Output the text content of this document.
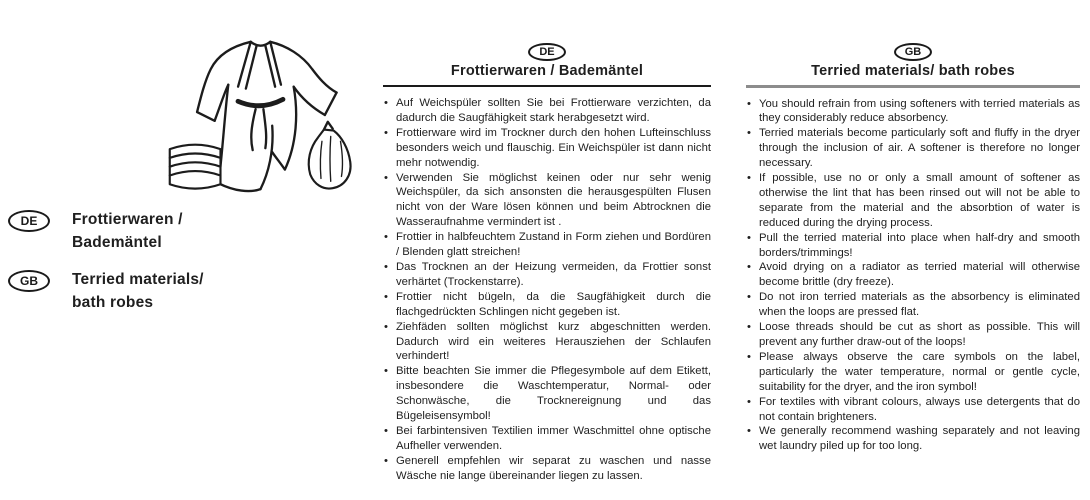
DE	Frottierwaren /
Bademäntel
GB	Terried materials/
bath robes
DE
Frottierwaren / Bademäntel
• Auf Weichspüler sollten Sie bei Frottierware verzichten, da dadurch die Saugfähigkeit stark herabgesetzt wird.
• Frottierware wird im Trockner durch den hohen Lufteinschluss besonders weich und flauschig. Ein Weichspüler ist dann nicht mehr notwendig.
• Verwenden Sie möglichst keinen oder nur sehr wenig Weichspüler, da sich ansonsten die herausgespülten Flusen nicht von der Ware lösen können und beim Abtrocknen die Wasseraufnahme vermindert ist .
• Frottier in halbfeuchtem Zustand in Form ziehen und Bordüren / Blenden glatt streichen!
• Das Trocknen an der Heizung vermeiden, da Frottier sonst verhärtet (Trockenstarre).
• Frottier nicht bügeln, da die Saugfähigkeit durch die flachgedrückten Schlingen nicht gegeben ist.
• Ziehfäden sollten möglichst kurz abgeschnitten werden. Dadurch wird ein weiteres Herausziehen der Schlaufen verhindert!
• Bitte beachten Sie immer die Pflegesymbole auf dem Etikett, insbesondere die Waschtemperatur, Normal- oder Schonwäsche, die Trocknereignung und das Bügeleisensymbol!
• Bei farbintensiven Textilien immer Waschmittel ohne optische Aufheller verwenden.
• Generell empfehlen wir separat zu waschen und nasse Wäsche nie lange übereinander liegen zu lassen.
GB
Terried materials/ bath robes
• You should refrain from using softeners with terried materials as they considerably reduce absorbency.
• Terried materials become particularly soft and fluffy in the dryer through the inclusion of air. A softener is therefore no longer necessary.
• If possible, use no or only a small amount of softener as otherwise the lint that has been rinsed out will not be able to separate from the material and the absorbtion of water is reduced during the drying process.
• Pull the terried material into place when half-dry and smooth borders/trimmings!
• Avoid drying on a radiator as terried material will otherwise become brittle (dry freeze).
• Do not iron terried materials as the absorbency is eliminated when the loops are pressed flat.
• Loose threads should be cut as short as possible. This will prevent any further draw-out of the loops!
• Please always observe the care symbols on the label, particularly the water temperature, normal or gentle cycle, suitability for the dryer, and the iron symbol!
• For textiles with vibrant colours, always use detergents that do not contain brighteners.
• We generally recommend washing separately and not leaving wet laundry piled up for too long.
